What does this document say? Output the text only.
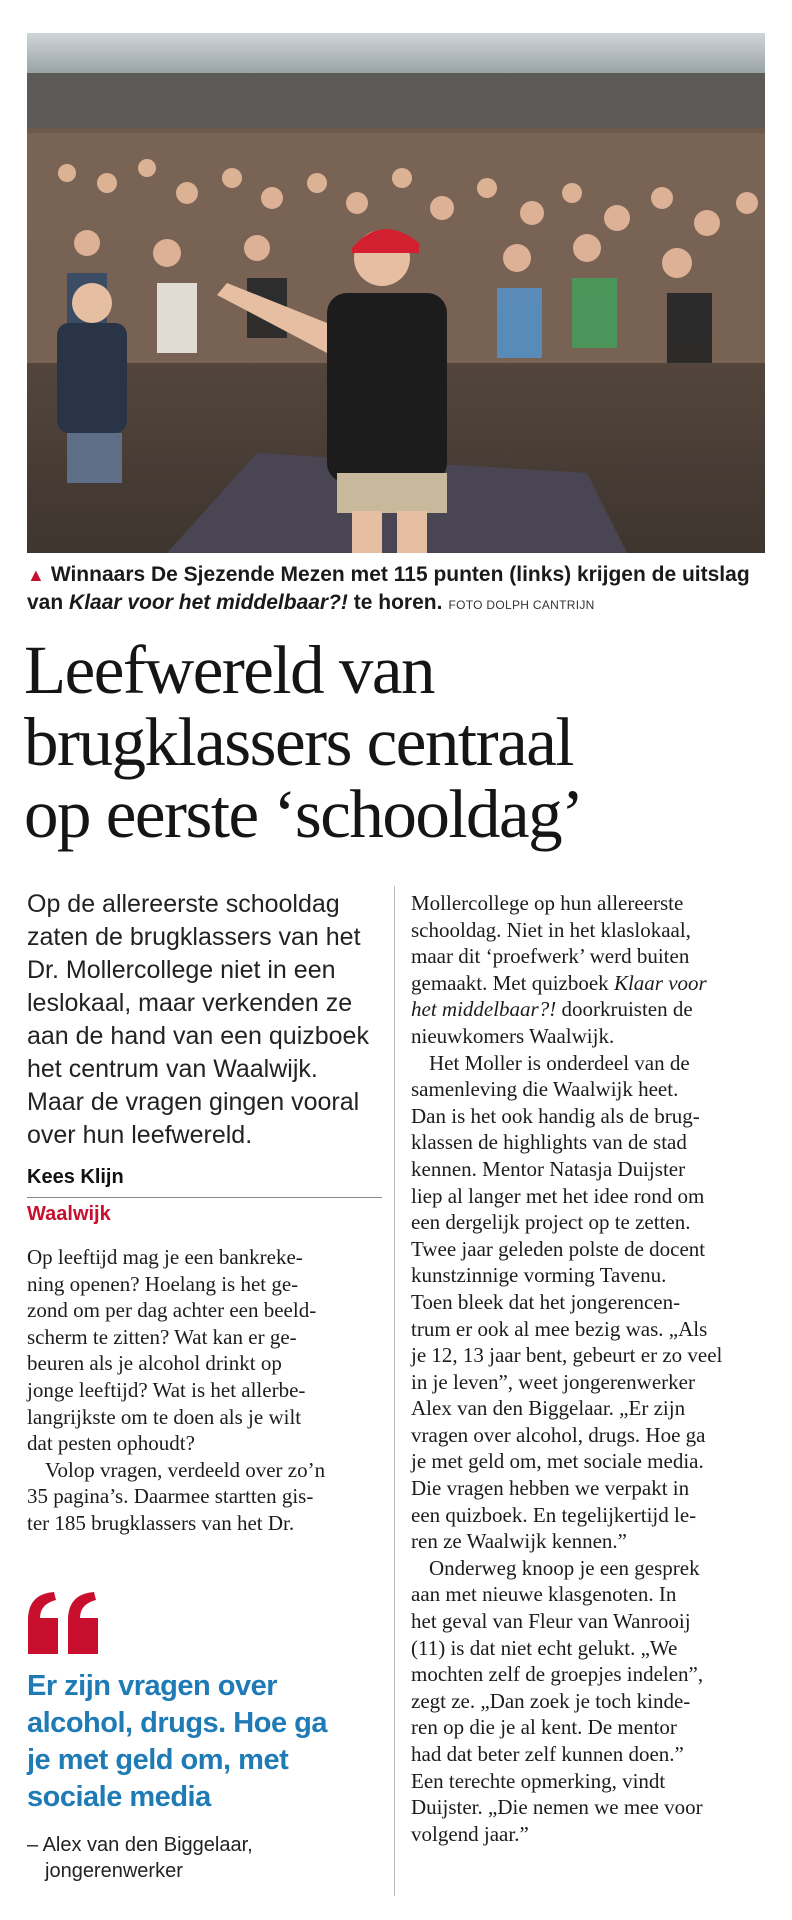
▲ Winnaars De Sjezende Mezen met 115 punten (links) krijgen de uitslag van Klaar voor het middelbaar?! te horen. FOTO DOLPH CANTRIJN
Leefwereld van
brugklassers centraal
op eerste ‘schooldag’
Op de allereerste schooldag
zaten de brugklassers van het
Dr. Mollercollege niet in een
leslokaal, maar verkenden ze
aan de hand van een quizboek
het centrum van Waalwijk.
Maar de vragen gingen vooral
over hun leefwereld.
Kees Klijn
Waalwijk
Op leeftijd mag je een bankreke-
ning openen? Hoelang is het ge-
zond om per dag achter een beeld-
scherm te zitten? Wat kan er ge-
beuren als je alcohol drinkt op
jonge leeftijd? Wat is het allerbe-
langrijkste om te doen als je wilt
dat pesten ophoudt?
Volop vragen, verdeeld over zo’n
35 pagina’s. Daarmee startten gis-
ter 185 brugklassers van het Dr.
Mollercollege op hun allereerste
schooldag. Niet in het klaslokaal,
maar dit ‘proefwerk’ werd buiten
gemaakt. Met quizboek Klaar voor
het middelbaar?! doorkruisten de
nieuwkomers Waalwijk.
Het Moller is onderdeel van de
samenleving die Waalwijk heet.
Dan is het ook handig als de brug-
klassen de highlights van de stad
kennen. Mentor Natasja Duijster
liep al langer met het idee rond om
een dergelijk project op te zetten.
Twee jaar geleden polste de docent
kunstzinnige vorming Tavenu.
Toen bleek dat het jongerencen-
trum er ook al mee bezig was. „Als
je 12, 13 jaar bent, gebeurt er zo veel
in je leven”, weet jongerenwerker
Alex van den Biggelaar. „Er zijn
vragen over alcohol, drugs. Hoe ga
je met geld om, met sociale media.
Die vragen hebben we verpakt in
een quizboek. En tegelijkertijd le-
ren ze Waalwijk kennen.”
Onderweg knoop je een gesprek
aan met nieuwe klasgenoten. In
het geval van Fleur van Wanrooij
(11) is dat niet echt gelukt. „We
mochten zelf de groepjes indelen”,
zegt ze. „Dan zoek je toch kinde-
ren op die je al kent. De mentor
had dat beter zelf kunnen doen.”
Een terechte opmerking, vindt
Duijster. „Die nemen we mee voor
volgend jaar.”
Er zijn vragen over
alcohol, drugs. Hoe ga
je met geld om, met
sociale media
– Alex van den Biggelaar,
jongerenwerker
